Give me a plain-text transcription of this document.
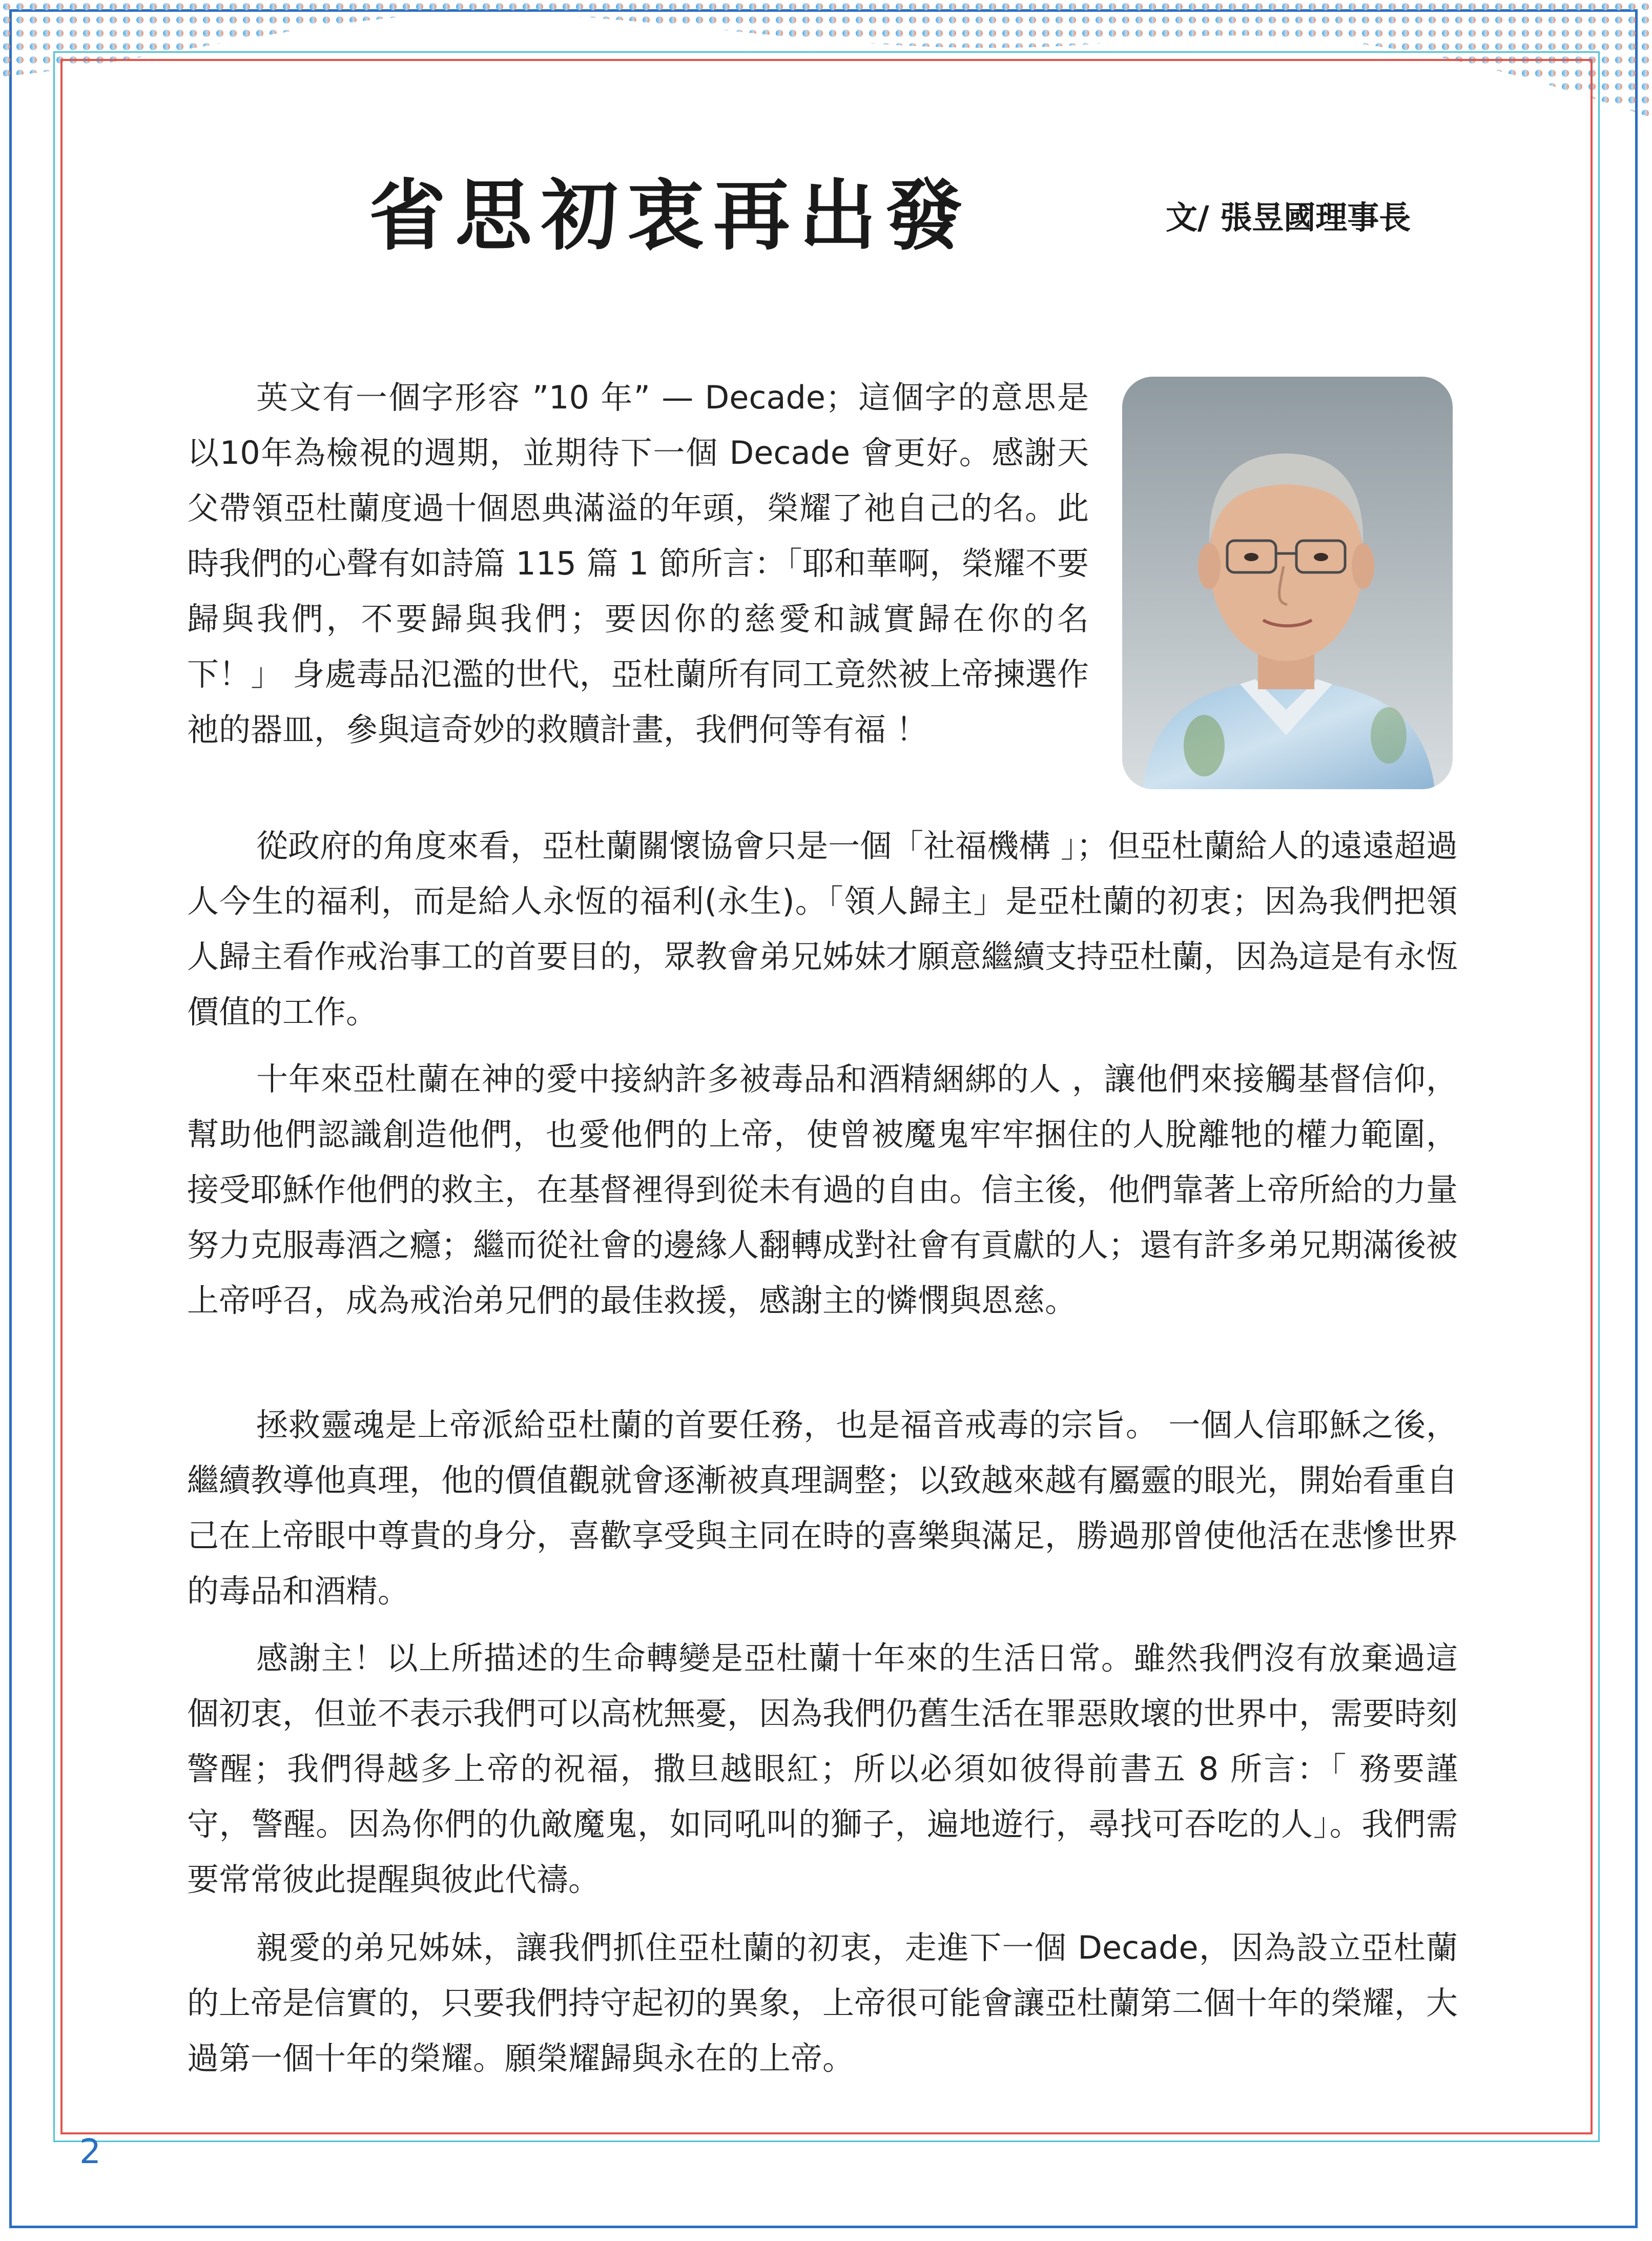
省思初衷再出發	文/ 張昱國理事長

英文有一個字形容 ”10 年” — Decade；這個字的意思是以10年為檢視的週期，並期待下一個 Decade 會更好。感謝天父帶領亞杜蘭度過十個恩典滿溢的年頭，榮耀了祂自己的名。此時我們的心聲有如詩篇 115 篇 1 節所言：「耶和華啊，榮耀不要歸與我們，不要歸與我們；要因你的慈愛和誠實歸在你的名下！」 身處毒品氾濫的世代，亞杜蘭所有同工竟然被上帝揀選作祂的器皿，參與這奇妙的救贖計畫，我們何等有福 ！

從政府的角度來看，亞杜蘭關懷協會只是一個「社福機構 」；但亞杜蘭給人的遠遠超過人今生的福利，而是給人永恆的福利(永生)。「領人歸主」是亞杜蘭的初衷；因為我們把領人歸主看作戒治事工的首要目的，眾教會弟兄姊妹才願意繼續支持亞杜蘭，因為這是有永恆價值的工作。

十年來亞杜蘭在神的愛中接納許多被毒品和酒精綑綁的人 ，讓他們來接觸基督信仰，幫助他們認識創造他們，也愛他們的上帝，使曾被魔鬼牢牢捆住的人脫離牠的權力範圍， 接受耶穌作他們的救主，在基督裡得到從未有過的自由。信主後，他們靠著上帝所給的力量努力克服毒酒之癮；繼而從社會的邊緣人翻轉成對社會有貢獻的人；還有許多弟兄期滿後被上帝呼召，成為戒治弟兄們的最佳救援，感謝主的憐憫與恩慈。

拯救靈魂是上帝派給亞杜蘭的首要任務，也是福音戒毒的宗旨。 一個人信耶穌之後，繼續教導他真理，他的價值觀就會逐漸被真理調整；以致越來越有屬靈的眼光，開始看重自己在上帝眼中尊貴的身分，喜歡享受與主同在時的喜樂與滿足，勝過那曾使他活在悲慘世界的毒品和酒精。

感謝主！以上所描述的生命轉變是亞杜蘭十年來的生活日常。雖然我們沒有放棄過這個初衷，但並不表示我們可以高枕無憂，因為我們仍舊生活在罪惡敗壞的世界中，需要時刻警醒；我們得越多上帝的祝福，撒旦越眼紅；所以必須如彼得前書五 8 所言：「 務要謹守，警醒。因為你們的仇敵魔鬼，如同吼叫的獅子，遍地遊行，尋找可吞吃的人」。我們需要常常彼此提醒與彼此代禱。

親愛的弟兄姊妹，讓我們抓住亞杜蘭的初衷，走進下一個 Decade，因為設立亞杜蘭的上帝是信實的，只要我們持守起初的異象，上帝很可能會讓亞杜蘭第二個十年的榮耀，大過第一個十年的榮耀。願榮耀歸與永在的上帝。

2
